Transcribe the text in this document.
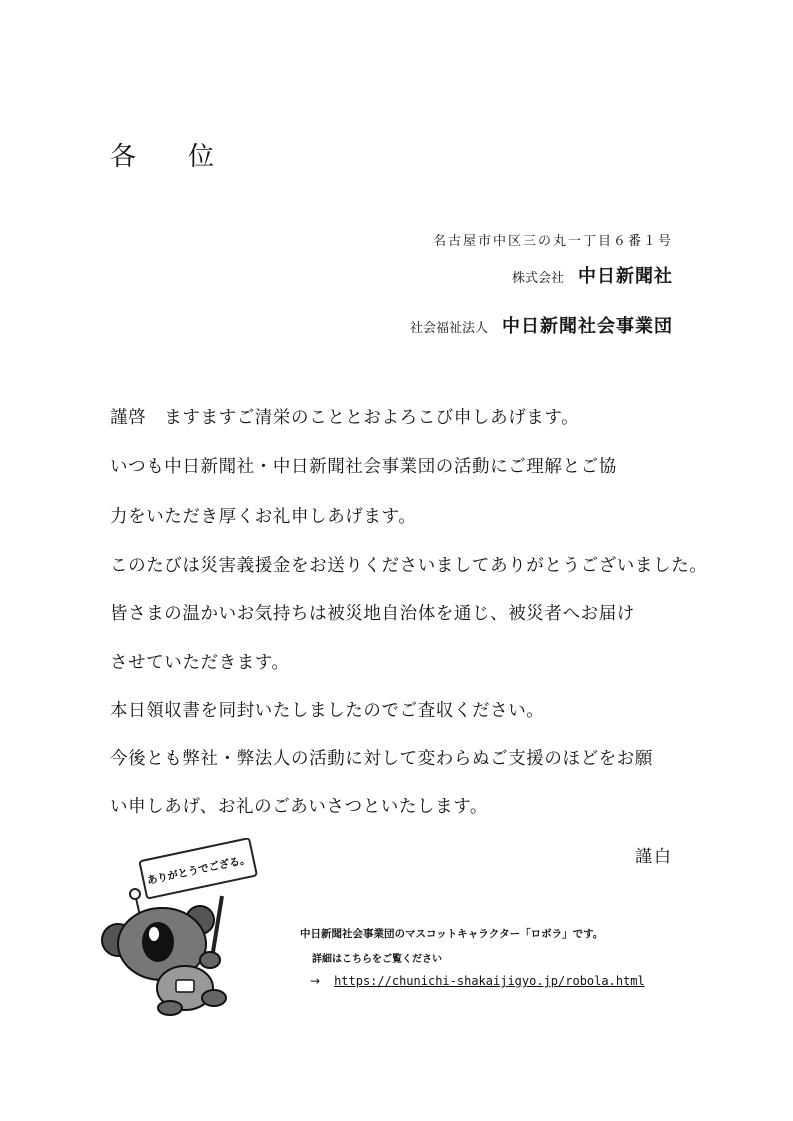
各位
名古屋市中区三の丸一丁目６番１号
株式会社 中日新聞社
社会福祉法人 中日新聞社会事業団
謹啓　ますますご清栄のこととおよろこび申しあげます。
いつも中日新聞社・中日新聞社会事業団の活動にご理解とご協
力をいただき厚くお礼申しあげます。
このたびは災害義援金をお送りくださいましてありがとうございました。
皆さまの温かいお気持ちは被災地自治体を通じ、被災者へお届け
させていただきます。
本日領収書を同封いたしましたのでご査収ください。
今後とも弊社・弊法人の活動に対して変わらぬご支援のほどをお願
い申しあげ、お礼のごあいさつといたします。
謹白
ありがとうでござる。
中日新聞社会事業団のマスコットキャラクター「ロボラ」です。
詳細はこちらをご覧ください
→ https://chunichi-shakaijigyo.jp/robola.html
